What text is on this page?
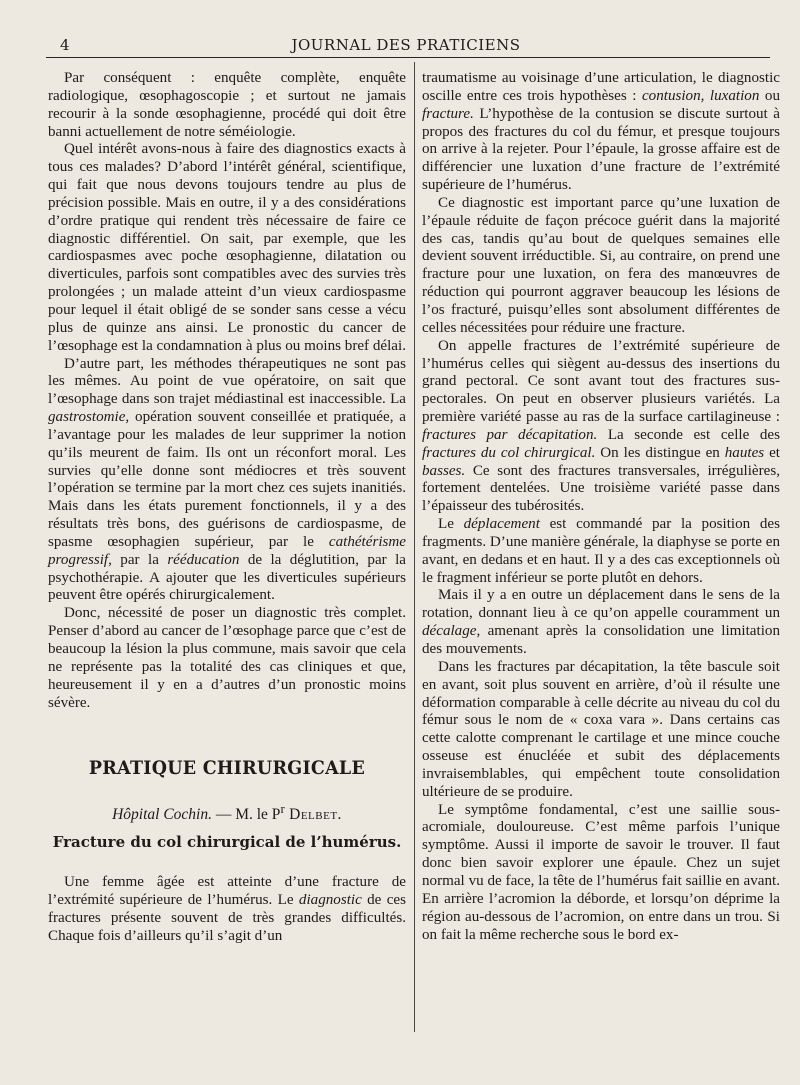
4	JOURNAL DES PRATICIENS

Par conséquent : enquête complète, enquête radiologique, œsophagoscopie ; et surtout ne jamais recourir à la sonde œsophagienne, procédé qui doit être banni actuellement de notre séméiologie.

Quel intérêt avons-nous à faire des diagnostics exacts à tous ces malades? D’abord l’intérêt général, scientifique, qui fait que nous devons toujours tendre au plus de précision possible. Mais en outre, il y a des considérations d’ordre pratique qui rendent très nécessaire de faire ce diagnostic différentiel. On sait, par exemple, que les cardiospasmes avec poche œsophagienne, dilatation ou diverticules, parfois sont compatibles avec des survies très prolongées ; un malade atteint d’un vieux cardiospasme pour lequel il était obligé de se sonder sans cesse a vécu plus de quinze ans ainsi. Le pronostic du cancer de l’œsophage est la condamnation à plus ou moins bref délai.

D’autre part, les méthodes thérapeutiques ne sont pas les mêmes. Au point de vue opératoire, on sait que l’œsophage dans son trajet médiastinal est inaccessible. La gastrostomie, opération souvent conseillée et pratiquée, a l’avantage pour les malades de leur supprimer la notion qu’ils meurent de faim. Ils ont un réconfort moral. Les survies qu’elle donne sont médiocres et très souvent l’opération se termine par la mort chez ces sujets inanitiés. Mais dans les états purement fonctionnels, il y a des résultats très bons, des guérisons de cardiospasme, de spasme œsophagien supérieur, par le cathétérisme progressif, par la rééducation de la déglutition, par la psychothérapie. A ajouter que les diverticules supérieurs peuvent être opérés chirurgicalement.

Donc, nécessité de poser un diagnostic très complet. Penser d’abord au cancer de l’œsophage parce que c’est de beaucoup la lésion la plus commune, mais savoir que cela ne représente pas la totalité des cas cliniques et que, heureusement il y en a d’autres d’un pronostic moins sévère.

PRATIQUE CHIRURGICALE

Hôpital Cochin. — M. le $P^r$ Delbet.

Fracture du col chirurgical de l’humérus.

Une femme âgée est atteinte d’une fracture de l’extrémité supérieure de l’humérus. Le diagnostic de ces fractures présente souvent de très grandes difficultés. Chaque fois d’ailleurs qu’il s’agit d’un

traumatisme au voisinage d’une articulation, le diagnostic oscille entre ces trois hypothèses : contusion, luxation ou fracture. L’hypothèse de la contusion se discute surtout à propos des fractures du col du fémur, et presque toujours on arrive à la rejeter. Pour l’épaule, la grosse affaire est de différencier une luxation d’une fracture de l’extrémité supérieure de l’humérus.

Ce diagnostic est important parce qu’une luxation de l’épaule réduite de façon précoce guérit dans la majorité des cas, tandis qu’au bout de quelques semaines elle devient souvent irréductible. Si, au contraire, on prend une fracture pour une luxation, on fera des manœuvres de réduction qui pourront aggraver beaucoup les lésions de l’os fracturé, puisqu’elles sont absolument différentes de celles nécessitées pour réduire une fracture.

On appelle fractures de l’extrémité supérieure de l’humérus celles qui siègent au-dessus des insertions du grand pectoral. Ce sont avant tout des fractures sus-pectorales. On peut en observer plusieurs variétés. La première variété passe au ras de la surface cartilagineuse : fractures par décapitation. La seconde est celle des fractures du col chirurgical. On les distingue en hautes et basses. Ce sont des fractures transversales, irrégulières, fortement dentelées. Une troisième variété passe dans l’épaisseur des tubérosités.

Le déplacement est commandé par la position des fragments. D’une manière générale, la diaphyse se porte en avant, en dedans et en haut. Il y a des cas exceptionnels où le fragment inférieur se porte plutôt en dehors.

Mais il y a en outre un déplacement dans le sens de la rotation, donnant lieu à ce qu’on appelle couramment un décalage, amenant après la consolidation une limitation des mouvements.

Dans les fractures par décapitation, la tête bascule soit en avant, soit plus souvent en arrière, d’où il résulte une déformation comparable à celle décrite au niveau du col du fémur sous le nom de « coxa vara ». Dans certains cas cette calotte comprenant le cartilage et une mince couche osseuse est énucléée et subit des déplacements invraisemblables, qui empêchent toute consolidation ultérieure de se produire.

Le symptôme fondamental, c’est une saillie sous-acromiale, douloureuse. C’est même parfois l’unique symptôme. Aussi il importe de savoir le trouver. Il faut donc bien savoir explorer une épaule. Chez un sujet normal vu de face, la tête de l’humérus fait saillie en avant. En arrière l’acromion la déborde, et lorsqu’on déprime la région au-dessous de l’acromion, on entre dans un trou. Si on fait la même recherche sous le bord ex-
